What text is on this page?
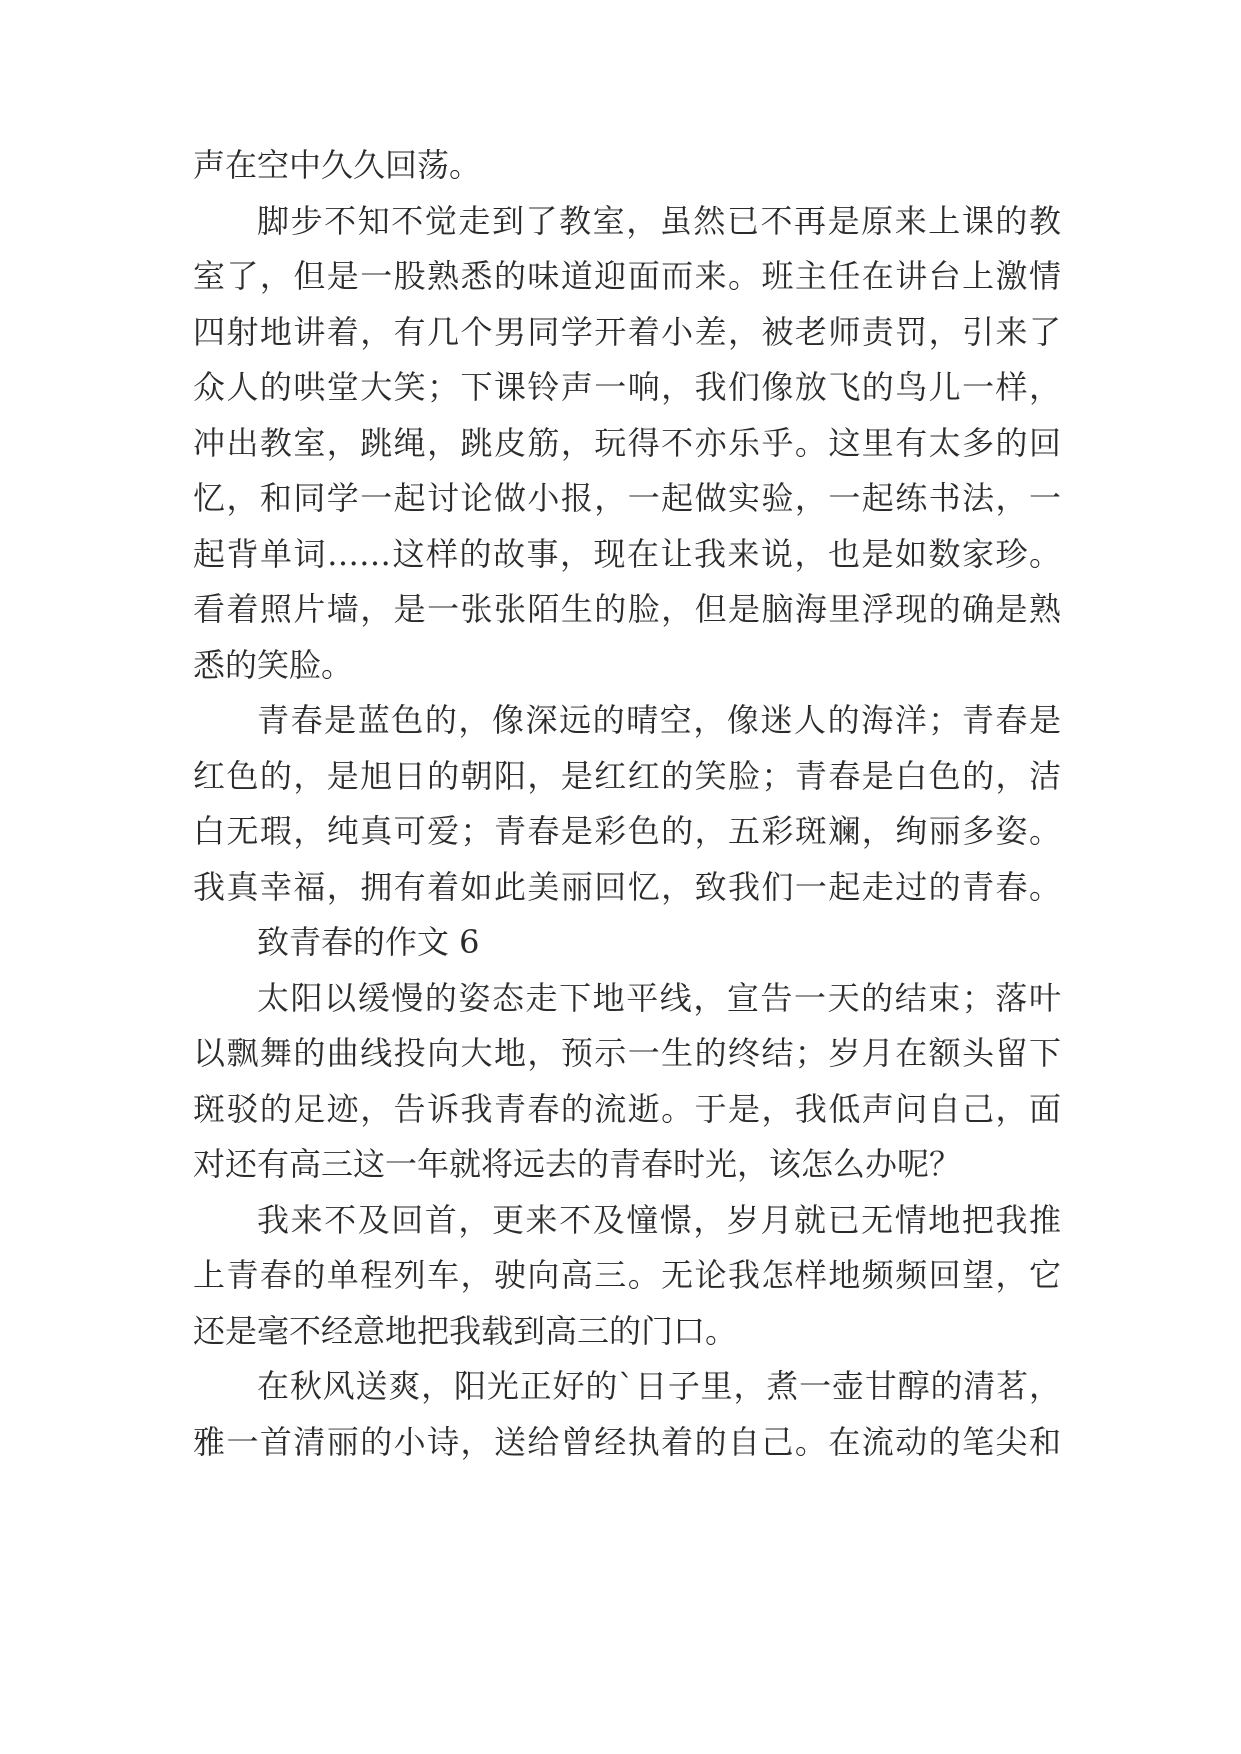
声在空中久久回荡。

脚步不知不觉走到了教室，虽然已不再是原来上课的教

室了，但是一股熟悉的味道迎面而来。班主任在讲台上激情

四射地讲着，有几个男同学开着小差，被老师责罚，引来了

众人的哄堂大笑；下课铃声一响，我们像放飞的鸟儿一样，

冲出教室，跳绳，跳皮筋，玩得不亦乐乎。这里有太多的回

忆，和同学一起讨论做小报，一起做实验，一起练书法，一

起背单词……这样的故事，现在让我来说，也是如数家珍。

看着照片墙，是一张张陌生的脸，但是脑海里浮现的确是熟

悉的笑脸。

青春是蓝色的，像深远的晴空，像迷人的海洋；青春是

红色的，是旭日的朝阳，是红红的笑脸；青春是白色的，洁

白无瑕，纯真可爱；青春是彩色的，五彩斑斓，绚丽多姿。

我真幸福，拥有着如此美丽回忆，致我们一起走过的青春。

致青春的作文 6

太阳以缓慢的姿态走下地平线，宣告一天的结束；落叶

以飘舞的曲线投向大地，预示一生的终结；岁月在额头留下

斑驳的足迹，告诉我青春的流逝。于是，我低声问自己，面

对还有高三这一年就将远去的青春时光，该怎么办呢？

我来不及回首，更来不及憧憬，岁月就已无情地把我推

上青春的单程列车，驶向高三。无论我怎样地频频回望，它

还是毫不经意地把我载到高三的门口。

在秋风送爽，阳光正好的`日子里，煮一壶甘醇的清茗，

雅一首清丽的小诗，送给曾经执着的自己。在流动的笔尖和
